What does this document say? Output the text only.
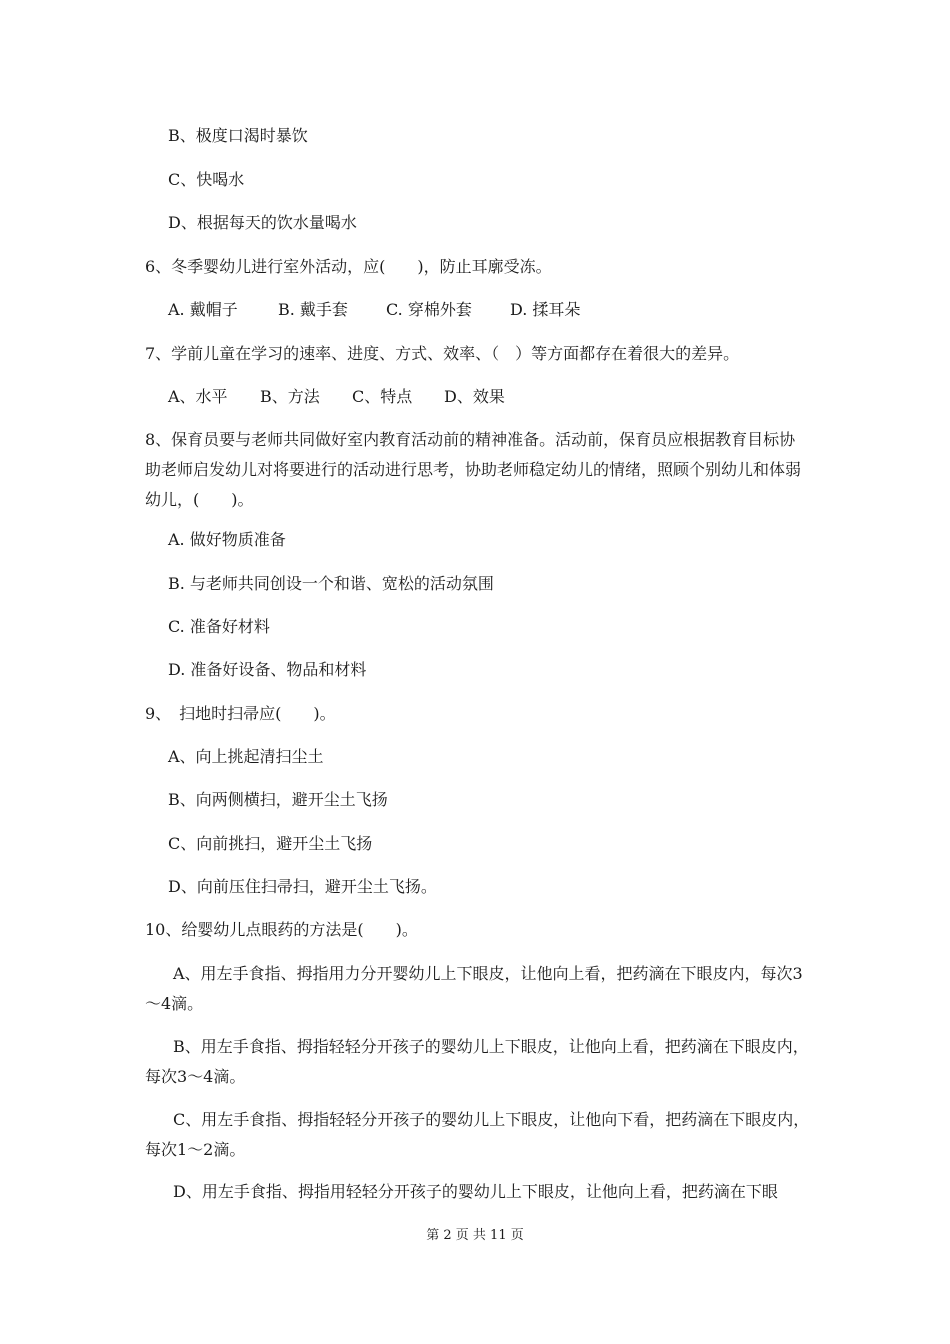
B、极度口渴时暴饮
C、快喝水
D、根据每天的饮水量喝水
6、冬季婴幼儿进行室外活动，应(　　)，防止耳廓受冻。
A. 戴帽子	B. 戴手套 C. 穿棉外套 D. 揉耳朵
7、学前儿童在学习的速率、进度、方式、效率、（　）等方面都存在着很大的差异。
A、水平 B、方法 C、特点 D、效果
8、保育员要与老师共同做好室内教育活动前的精神准备。活动前，保育员应根据教育目标协助老师启发幼儿对将要进行的活动进行思考，协助老师稳定幼儿的情绪，照顾个别幼儿和体弱幼儿，(　　)。
A. 做好物质准备
B. 与老师共同创设一个和谐、宽松的活动氛围
C. 准备好材料
D. 准备好设备、物品和材料
9、　扫地时扫帚应(　　)。
A、向上挑起清扫尘土
B、向两侧横扫，避开尘土飞扬
C、向前挑扫，避开尘土飞扬
D、向前压住扫帚扫，避开尘土飞扬。
10、给婴幼儿点眼药的方法是(　　)。
A、用左手食指、拇指用力分开婴幼儿上下眼皮，让他向上看，把药滴在下眼皮内，每次3～4滴。
B、用左手食指、拇指轻轻分开孩子的婴幼儿上下眼皮，让他向上看，把药滴在下眼皮内，每次3～4滴。
C、用左手食指、拇指轻轻分开孩子的婴幼儿上下眼皮，让他向下看，把药滴在下眼皮内，每次1～2滴。
D、用左手食指、拇指用轻轻分开孩子的婴幼儿上下眼皮，让他向上看，把药滴在下眼
第 2 页 共 11 页
